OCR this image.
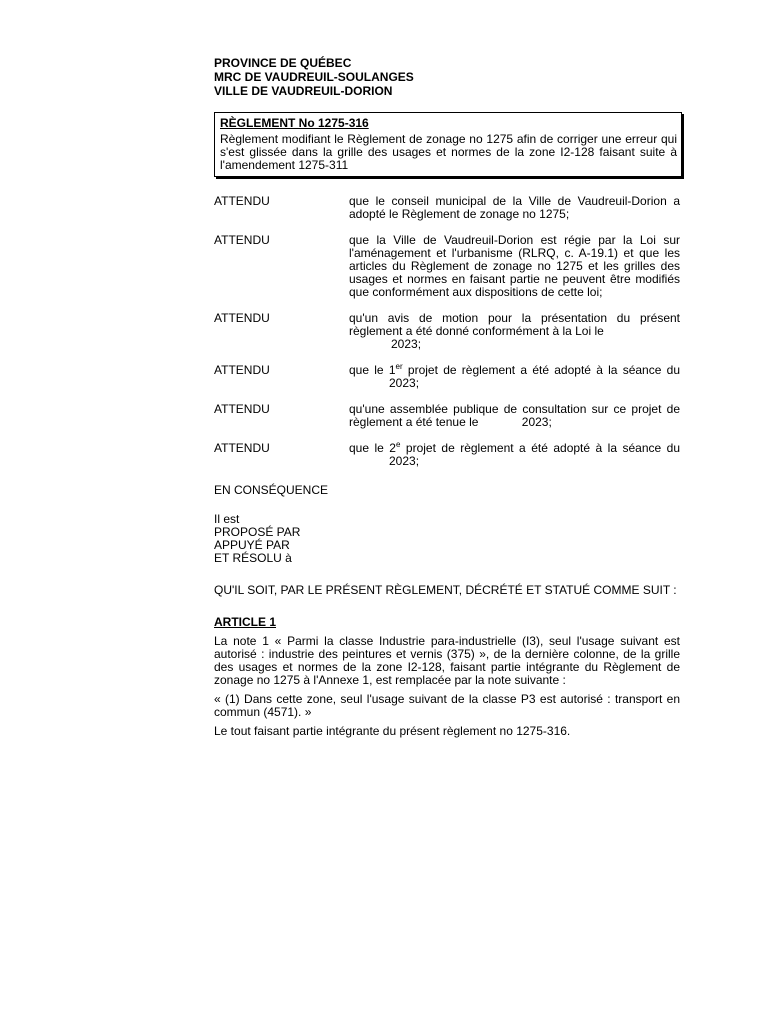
PROVINCE DE QUÉBEC
MRC DE VAUDREUIL-SOULANGES
VILLE DE VAUDREUIL-DORION
RÈGLEMENT No 1275-316
Règlement modifiant le Règlement de zonage no 1275 afin de corriger une erreur qui s'est glissée dans la grille des usages et normes de la zone I2-128 faisant suite à l'amendement 1275-311
ATTENDU	que le conseil municipal de la Ville de Vaudreuil-Dorion a adopté le Règlement de zonage no 1275;
ATTENDU	que la Ville de Vaudreuil-Dorion est régie par la Loi sur l'aménagement et l'urbanisme (RLRQ, c. A-19.1) et que les articles du Règlement de zonage no 1275 et les grilles des usages et normes en faisant partie ne peuvent être modifiés que conformément aux dispositions de cette loi;
ATTENDU	qu'un avis de motion pour la présentation du présent règlement a été donné conformément à la Loi le
2023;
ATTENDU	que le 1er projet de règlement a été adopté à la séance du 2023;
ATTENDU	qu'une assemblée publique de consultation sur ce projet de règlement a été tenue le	2023;
ATTENDU	que le 2e projet de règlement a été adopté à la séance du 2023;
EN CONSÉQUENCE
Il est
PROPOSÉ PAR
APPUYÉ PAR
ET RÉSOLU à
QU'IL SOIT, PAR LE PRÉSENT RÈGLEMENT, DÉCRÉTÉ ET STATUÉ COMME SUIT :
ARTICLE 1
La note 1 « Parmi la classe Industrie para-industrielle (I3), seul l'usage suivant est autorisé : industrie des peintures et vernis (375) », de la dernière colonne, de la grille des usages et normes de la zone I2-128, faisant partie intégrante du Règlement de zonage no 1275 à l'Annexe 1, est remplacée par la note suivante :
« (1) Dans cette zone, seul l'usage suivant de la classe P3 est autorisé : transport en commun (4571). »
Le tout faisant partie intégrante du présent règlement no 1275-316.
